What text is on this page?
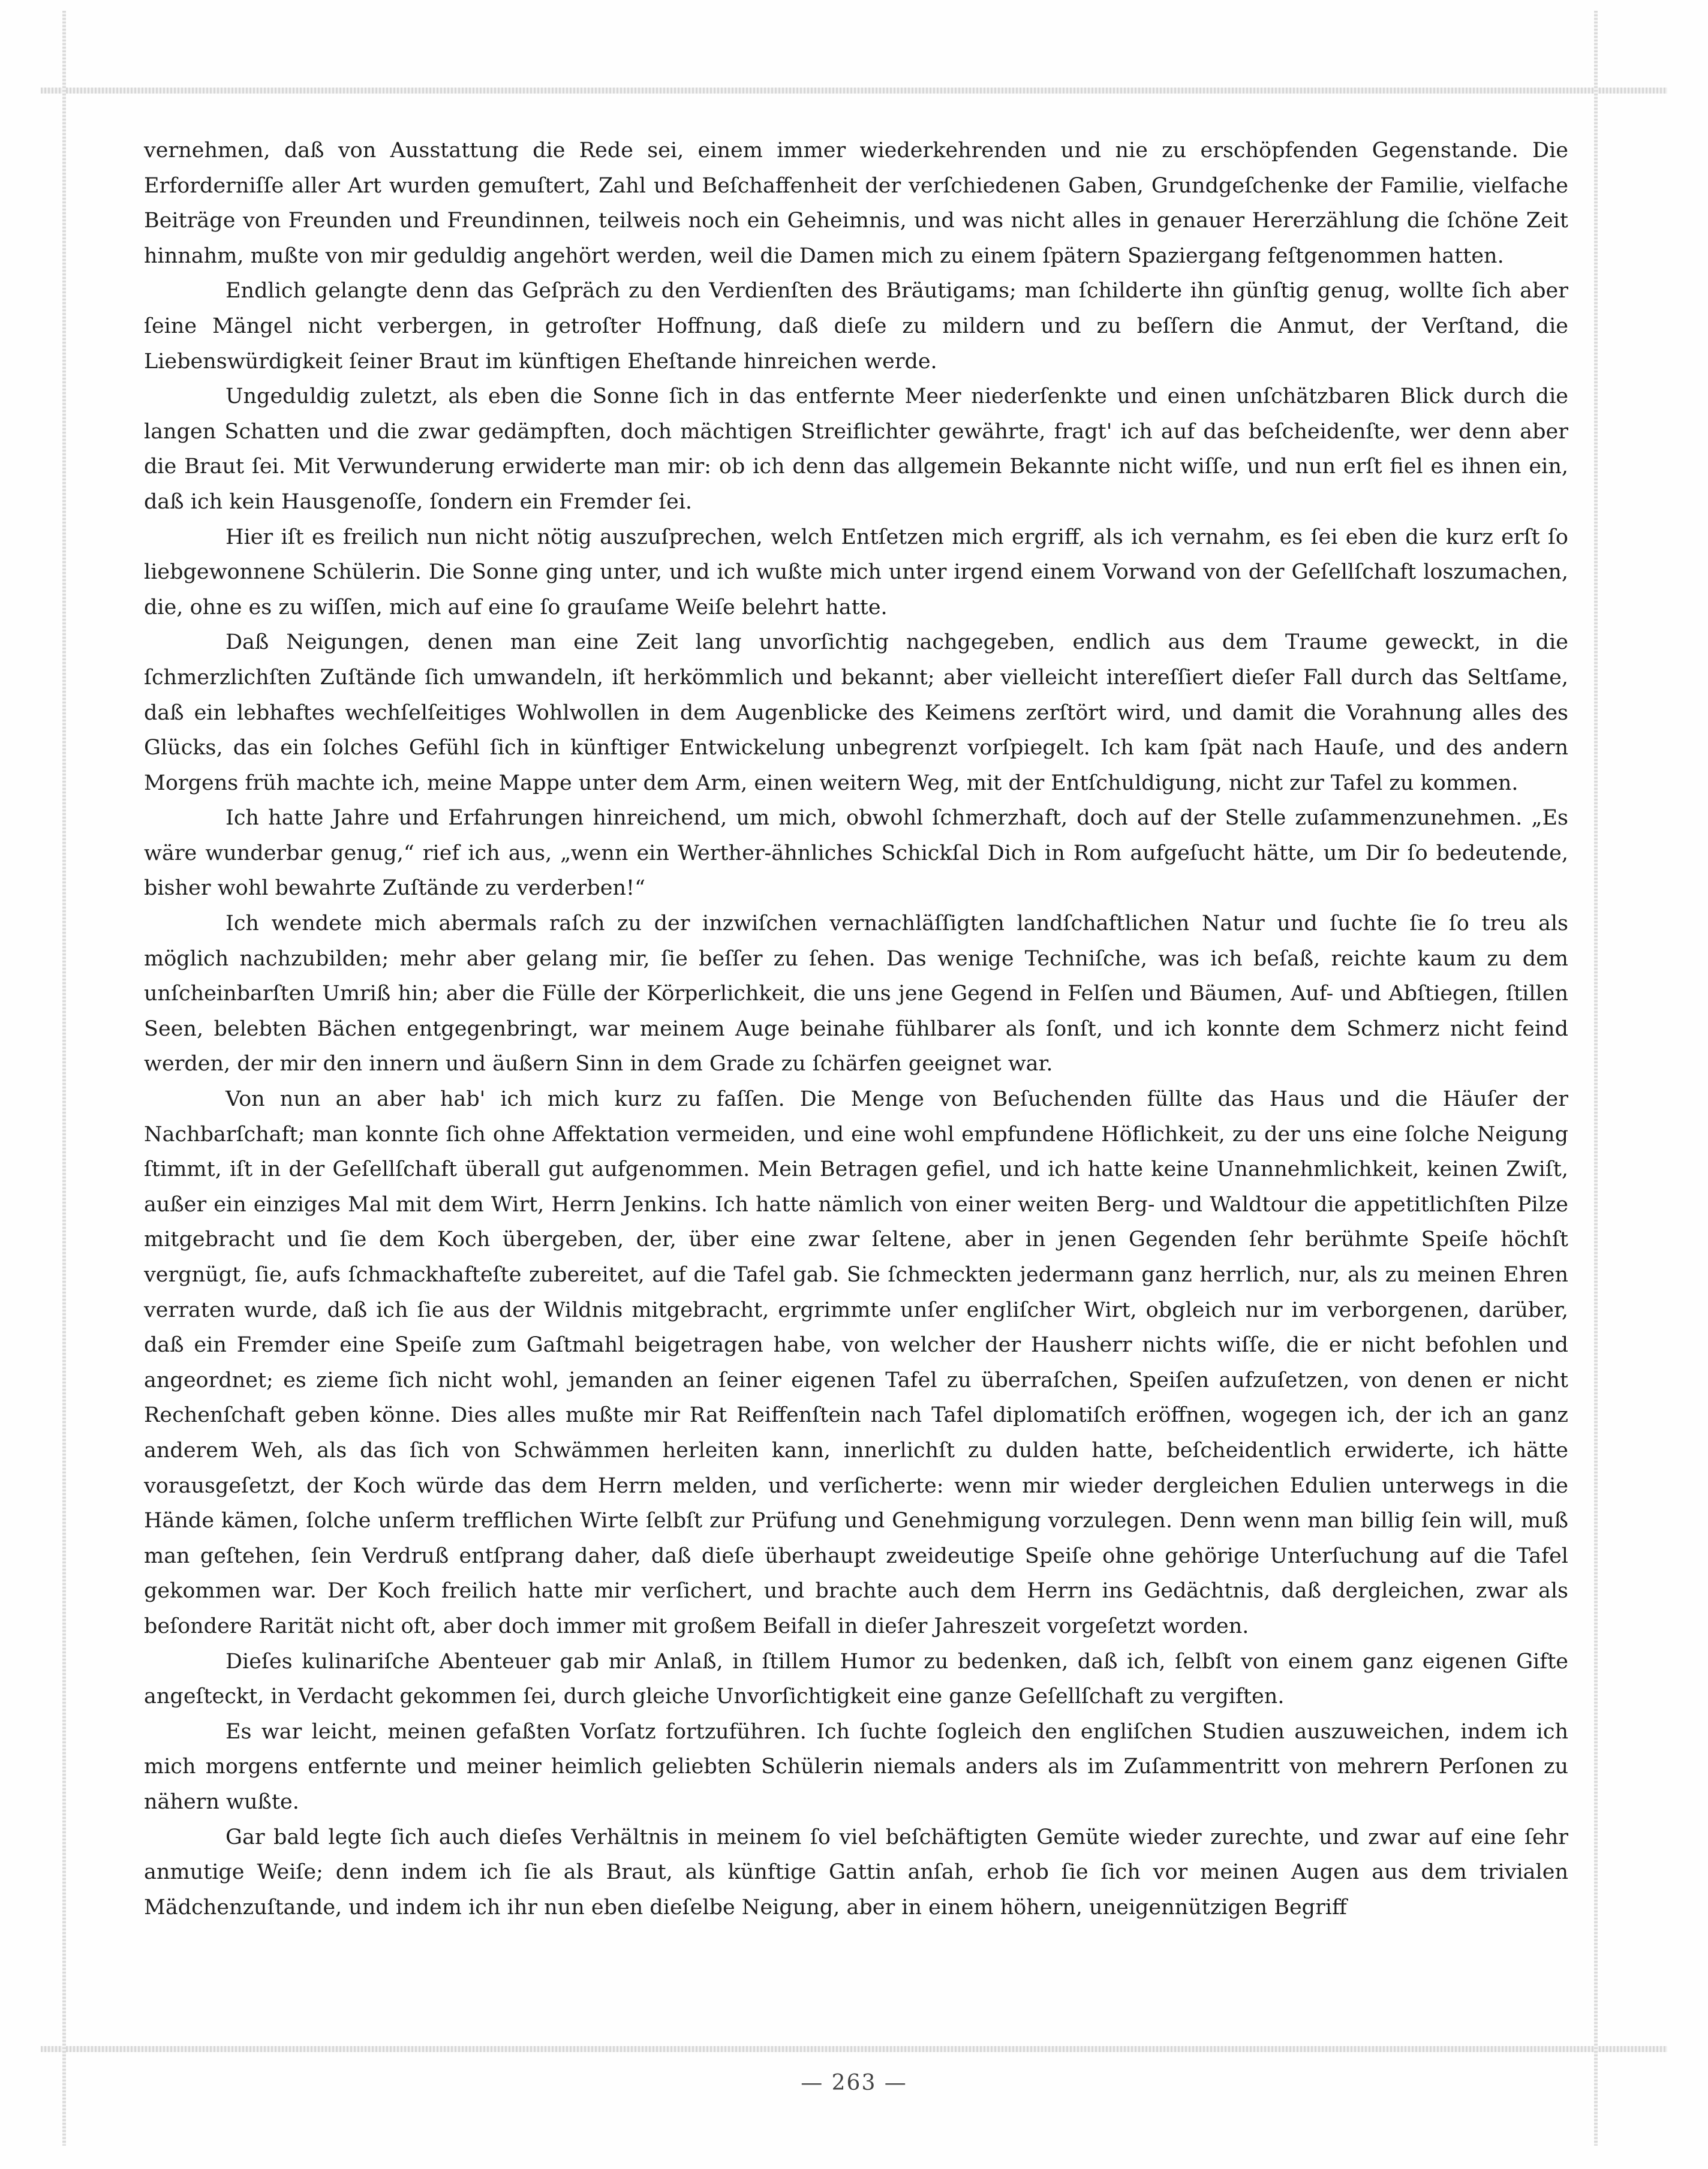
vernehmen, daß von Ausstattung die Rede sei, einem immer wiederkehrenden und nie zu erschöpfenden Gegenstande. Die Erforderniſſe aller Art wurden gemuſtert, Zahl und Beſchaffenheit der verſchiedenen Gaben, Grundgeſchenke der Familie, vielfache Beiträge von Freunden und Freundinnen, teilweis noch ein Geheimnis, und was nicht alles in genauer Hererzählung die ſchöne Zeit hinnahm, mußte von mir geduldig angehört werden, weil die Damen mich zu einem ſpätern Spaziergang feſtgenommen hatten.

Endlich gelangte denn das Geſpräch zu den Verdienſten des Bräutigams; man ſchilderte ihn günſtig genug, wollte ſich aber ſeine Mängel nicht verbergen, in getroſter Hoffnung, daß dieſe zu mildern und zu beſſern die Anmut, der Verſtand, die Liebenswürdigkeit ſeiner Braut im künftigen Eheſtande hinreichen werde.

Ungeduldig zuletzt, als eben die Sonne ſich in das entfernte Meer niederſenkte und einen unſchätzbaren Blick durch die langen Schatten und die zwar gedämpften, doch mächtigen Streiflichter gewährte, fragt' ich auf das beſcheidenſte, wer denn aber die Braut ſei. Mit Verwunderung erwiderte man mir: ob ich denn das allgemein Bekannte nicht wiſſe, und nun erſt fiel es ihnen ein, daß ich kein Hausgenoſſe, ſondern ein Fremder ſei.

Hier iſt es freilich nun nicht nötig auszuſprechen, welch Entſetzen mich ergriff, als ich vernahm, es ſei eben die kurz erſt ſo liebgewonnene Schülerin. Die Sonne ging unter, und ich wußte mich unter irgend einem Vorwand von der Geſellſchaft loszumachen, die, ohne es zu wiſſen, mich auf eine ſo grauſame Weiſe belehrt hatte.

Daß Neigungen, denen man eine Zeit lang unvorſichtig nachgegeben, endlich aus dem Traume geweckt, in die ſchmerzlichſten Zuſtände ſich umwandeln, iſt herkömmlich und bekannt; aber vielleicht intereſſiert dieſer Fall durch das Seltſame, daß ein lebhaftes wechſelſeitiges Wohlwollen in dem Augenblicke des Keimens zerſtört wird, und damit die Vorahnung alles des Glücks, das ein ſolches Gefühl ſich in künftiger Entwickelung unbegrenzt vorſpiegelt. Ich kam ſpät nach Hauſe, und des andern Morgens früh machte ich, meine Mappe unter dem Arm, einen weitern Weg, mit der Entſchuldigung, nicht zur Tafel zu kommen.

Ich hatte Jahre und Erfahrungen hinreichend, um mich, obwohl ſchmerzhaft, doch auf der Stelle zuſammenzunehmen. „Es wäre wunderbar genug,“ rief ich aus, „wenn ein Werther-ähnliches Schickſal Dich in Rom aufgeſucht hätte, um Dir ſo bedeutende, bisher wohl bewahrte Zuſtände zu verderben!“

Ich wendete mich abermals raſch zu der inzwiſchen vernachläſſigten landſchaftlichen Natur und ſuchte ſie ſo treu als möglich nachzubilden; mehr aber gelang mir, ſie beſſer zu ſehen. Das wenige Techniſche, was ich beſaß, reichte kaum zu dem unſcheinbarſten Umriß hin; aber die Fülle der Körperlichkeit, die uns jene Gegend in Felſen und Bäumen, Auf- und Abſtiegen, ſtillen Seen, belebten Bächen entgegenbringt, war meinem Auge beinahe fühlbarer als ſonſt, und ich konnte dem Schmerz nicht feind werden, der mir den innern und äußern Sinn in dem Grade zu ſchärfen geeignet war.

Von nun an aber hab' ich mich kurz zu faſſen. Die Menge von Beſuchenden füllte das Haus und die Häuſer der Nachbarſchaft; man konnte ſich ohne Affektation vermeiden, und eine wohl empfundene Höflichkeit, zu der uns eine ſolche Neigung ſtimmt, iſt in der Geſellſchaft überall gut aufgenommen. Mein Betragen gefiel, und ich hatte keine Unannehmlichkeit, keinen Zwiſt, außer ein einziges Mal mit dem Wirt, Herrn Jenkins. Ich hatte nämlich von einer weiten Berg- und Waldtour die appetitlichſten Pilze mitgebracht und ſie dem Koch übergeben, der, über eine zwar ſeltene, aber in jenen Gegenden ſehr berühmte Speiſe höchſt vergnügt, ſie, aufs ſchmackhafteſte zubereitet, auf die Tafel gab. Sie ſchmeckten jedermann ganz herrlich, nur, als zu meinen Ehren verraten wurde, daß ich ſie aus der Wildnis mitgebracht, ergrimmte unſer engliſcher Wirt, obgleich nur im verborgenen, darüber, daß ein Fremder eine Speiſe zum Gaſtmahl beigetragen habe, von welcher der Hausherr nichts wiſſe, die er nicht befohlen und angeordnet; es zieme ſich nicht wohl, jemanden an ſeiner eigenen Tafel zu überraſchen, Speiſen aufzuſetzen, von denen er nicht Rechenſchaft geben könne. Dies alles mußte mir Rat Reiffenſtein nach Tafel diplomatiſch eröffnen, wogegen ich, der ich an ganz anderem Weh, als das ſich von Schwämmen herleiten kann, innerlichſt zu dulden hatte, beſcheidentlich erwiderte, ich hätte vorausgeſetzt, der Koch würde das dem Herrn melden, und verſicherte: wenn mir wieder dergleichen Edulien unterwegs in die Hände kämen, ſolche unſerm trefflichen Wirte ſelbſt zur Prüfung und Genehmigung vorzulegen. Denn wenn man billig ſein will, muß man geſtehen, ſein Verdruß entſprang daher, daß dieſe überhaupt zweideutige Speiſe ohne gehörige Unterſuchung auf die Tafel gekommen war. Der Koch freilich hatte mir verſichert, und brachte auch dem Herrn ins Gedächtnis, daß dergleichen, zwar als beſondere Rarität nicht oft, aber doch immer mit großem Beifall in dieſer Jahreszeit vorgeſetzt worden.

Dieſes kulinariſche Abenteuer gab mir Anlaß, in ſtillem Humor zu bedenken, daß ich, ſelbſt von einem ganz eigenen Gifte angeſteckt, in Verdacht gekommen ſei, durch gleiche Unvorſichtigkeit eine ganze Geſellſchaft zu vergiften.

Es war leicht, meinen gefaßten Vorſatz fortzuführen. Ich ſuchte ſogleich den engliſchen Studien auszuweichen, indem ich mich morgens entfernte und meiner heimlich geliebten Schülerin niemals anders als im Zuſammentritt von mehrern Perſonen zu nähern wußte.

Gar bald legte ſich auch dieſes Verhältnis in meinem ſo viel beſchäftigten Gemüte wieder zurechte, und zwar auf eine ſehr anmutige Weiſe; denn indem ich ſie als Braut, als künftige Gattin anſah, erhob ſie ſich vor meinen Augen aus dem trivialen Mädchenzuſtande, und indem ich ihr nun eben dieſelbe Neigung, aber in einem höhern, uneigennützigen Begriff

— 263 —
